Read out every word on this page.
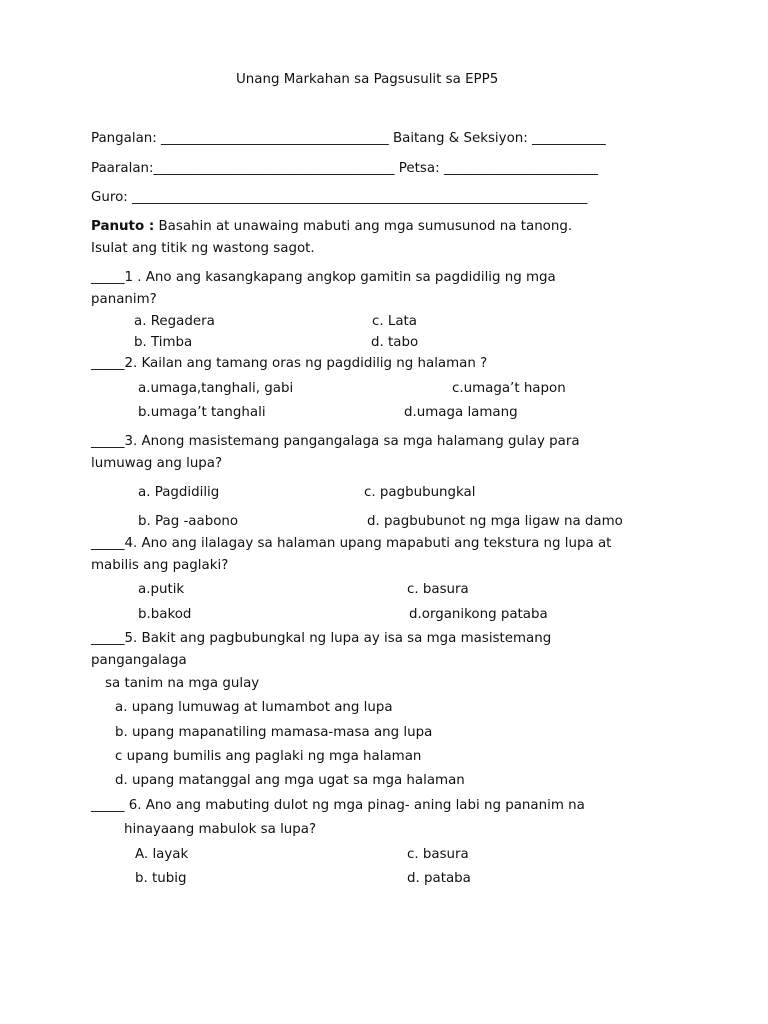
Unang Markahan sa Pagsusulit sa EPP5
Pangalan: __________________________________ Baitang & Seksiyon: ___________
Paaralan:____________________________________ Petsa: _______________________
Guro: ____________________________________________________________________
Panuto : Basahin at unawaing mabuti ang mga sumusunod na tanong.
Isulat ang titik ng wastong sagot.
_____1 . Ano ang kasangkapang angkop gamitin sa pagdidilig ng mga
pananim?
a. Regadera	c. Lata
b. Timba	d. tabo
_____2. Kailan ang tamang oras ng pagdidilig ng halaman ?
a.umaga,tanghali, gabi	c.umaga’t hapon
b.umaga’t tanghali	d.umaga lamang
_____3. Anong masistemang pangangalaga sa mga halamang gulay para
lumuwag ang lupa?
a. Pagdidilig	c. pagbubungkal
b. Pag -aabono	d. pagbubunot ng mga ligaw na damo
_____4. Ano ang ilalagay sa halaman upang mapabuti ang tekstura ng lupa at
mabilis ang paglaki?
a.putik	c. basura
b.bakod	d.organikong pataba
_____5. Bakit ang pagbubungkal ng lupa ay isa sa mga masistemang
pangangalaga
sa tanim na mga gulay
a. upang lumuwag at lumambot ang lupa
b. upang mapanatiling mamasa-masa ang lupa
c upang bumilis ang paglaki ng mga halaman
d. upang matanggal ang mga ugat sa mga halaman
_____ 6. Ano ang mabuting dulot ng mga pinag- aning labi ng pananim na
hinayaang mabulok sa lupa?
A. layak	c. basura
b. tubig	d. pataba
